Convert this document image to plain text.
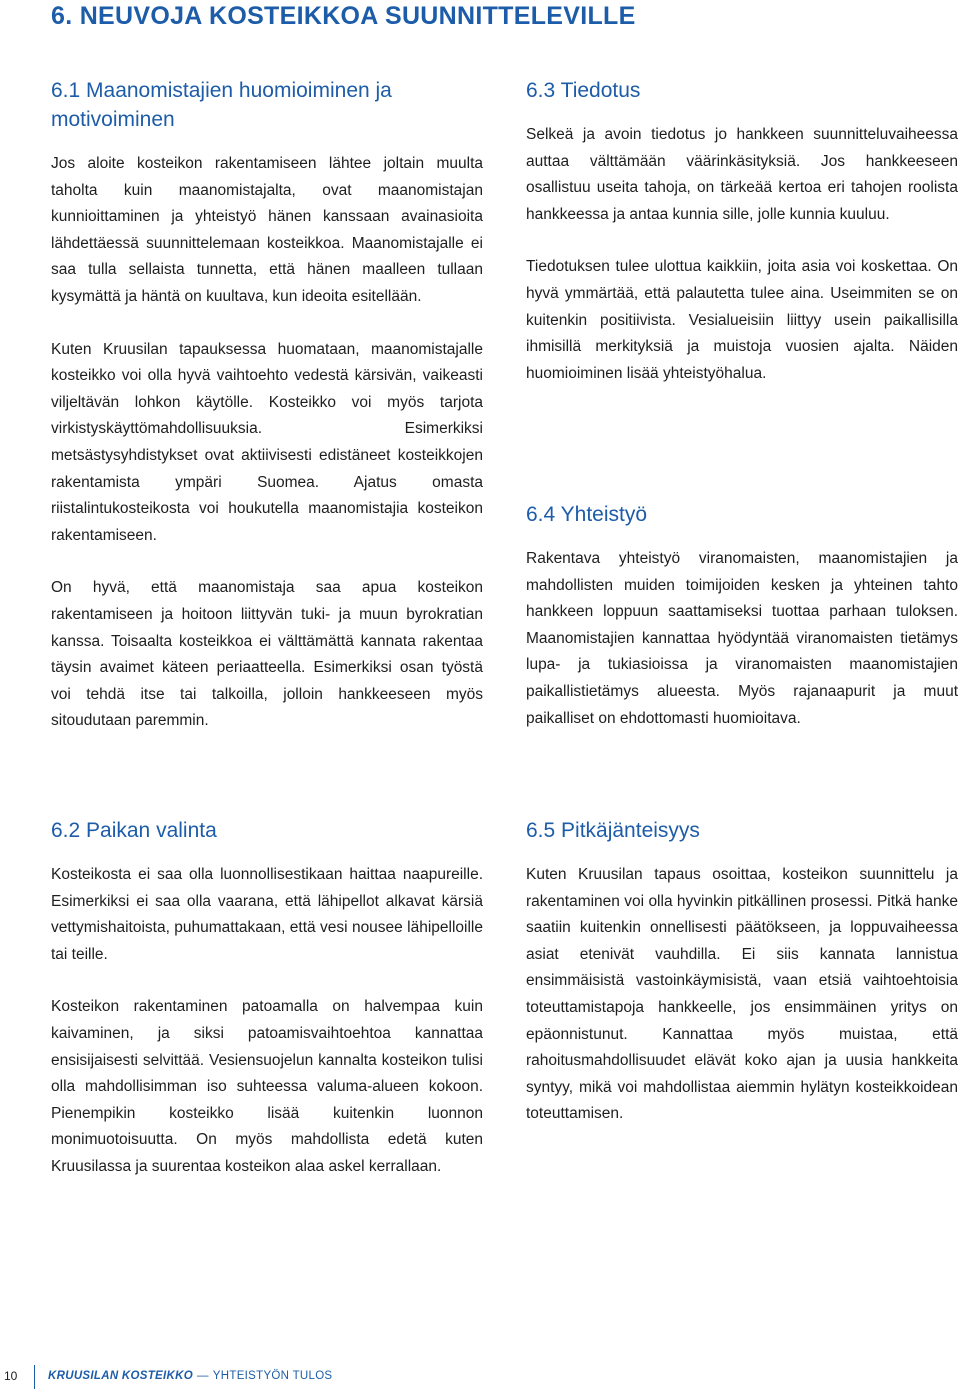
6. NEUVOJA KOSTEIKKOA SUUNNITTELEVILLE
6.1 Maanomistajien huomioiminen ja motivoiminen

Jos aloite kosteikon rakentamiseen lähtee joltain muulta taholta kuin maanomistajalta, ovat maanomistajan kunnioittaminen ja yhteistyö hänen kanssaan avainasioita lähdettäessä suunnittelemaan kosteikkoa. Maanomistajalle ei saa tulla sellaista tunnetta, että hänen maalleen tullaan kysymättä ja häntä on kuultava, kun ideoita esitellään.

Kuten Kruusilan tapauksessa huomataan, maanomistajalle kosteikko voi olla hyvä vaihtoehto vedestä kärsivän, vaikeasti viljeltävän lohkon käytölle. Kosteikko voi myös tarjota virkistyskäyttömahdollisuuksia. Esimerkiksi metsästysyhdistykset ovat aktiivisesti edistäneet kosteikkojen rakentamista ympäri Suomea. Ajatus omasta riistalintukosteikosta voi houkutella maanomistajia kosteikon rakentamiseen.

On hyvä, että maanomistaja saa apua kosteikon rakentamiseen ja hoitoon liittyvän tuki- ja muun byrokratian kanssa. Toisaalta kosteikkoa ei välttämättä kannata rakentaa täysin avaimet käteen periaatteella. Esimerkiksi osan työstä voi tehdä itse tai talkoilla, jolloin hankkeeseen myös sitoudutaan paremmin.

6.2 Paikan valinta

Kosteikosta ei saa olla luonnollisestikaan haittaa naapureille. Esimerkiksi ei saa olla vaarana, että lähipellot alkavat kärsiä vettymishaitoista, puhumattakaan, että vesi nousee lähipelloille tai teille.

Kosteikon rakentaminen patoamalla on halvempaa kuin kaivaminen, ja siksi patoamisvaihtoehtoa kannattaa ensisijaisesti selvittää. Vesiensuojelun kannalta kosteikon tulisi olla mahdollisimman iso suhteessa valuma-alueen kokoon. Pienempikin kosteikko lisää kuitenkin luonnon monimuotoisuutta. On myös mahdollista edetä kuten Kruusilassa ja suurentaa kosteikon alaa askel kerrallaan.

6.3 Tiedotus

Selkeä ja avoin tiedotus jo hankkeen suunnitteluvaiheessa auttaa välttämään väärinkäsityksiä. Jos hankkeeseen osallistuu useita tahoja, on tärkeää kertoa eri tahojen roolista hankkeessa ja antaa kunnia sille, jolle kunnia kuuluu.

Tiedotuksen tulee ulottua kaikkiin, joita asia voi koskettaa. On hyvä ymmärtää, että palautetta tulee aina. Useimmiten se on kuitenkin positiivista. Vesialueisiin liittyy usein paikallisilla ihmisillä merkityksiä ja muistoja vuosien ajalta. Näiden huomioiminen lisää yhteistyöhalua.

6.4 Yhteistyö

Rakentava yhteistyö viranomaisten, maanomistajien ja mahdollisten muiden toimijoiden kesken ja yhteinen tahto hankkeen loppuun saattamiseksi tuottaa parhaan tuloksen. Maanomistajien kannattaa hyödyntää viranomaisten tietämys lupa- ja tukiasioissa ja viranomaisten maanomistajien paikallistietämys alueesta. Myös rajanaapurit ja muut paikalliset on ehdottomasti huomioitava.

6.5 Pitkäjänteisyys

Kuten Kruusilan tapaus osoittaa, kosteikon suunnittelu ja rakentaminen voi olla hyvinkin pitkällinen prosessi. Pitkä hanke saatiin kuitenkin onnellisesti päätökseen, ja loppuvaiheessa asiat etenivät vauhdilla. Ei siis kannata lannistua ensimmäisistä vastoinkäymisistä, vaan etsiä vaihtoehtoisia toteuttamistapoja hankkeelle, jos ensimmäinen yritys on epäonnistunut. Kannattaa myös muistaa, että rahoitusmahdollisuudet elävät koko ajan ja uusia hankkeita syntyy, mikä voi mahdollistaa aiemmin hylätyn kosteikkoidean toteuttamisen.

10	KRUUSILAN KOSTEIKKO — YHTEISTYÖN TULOS
